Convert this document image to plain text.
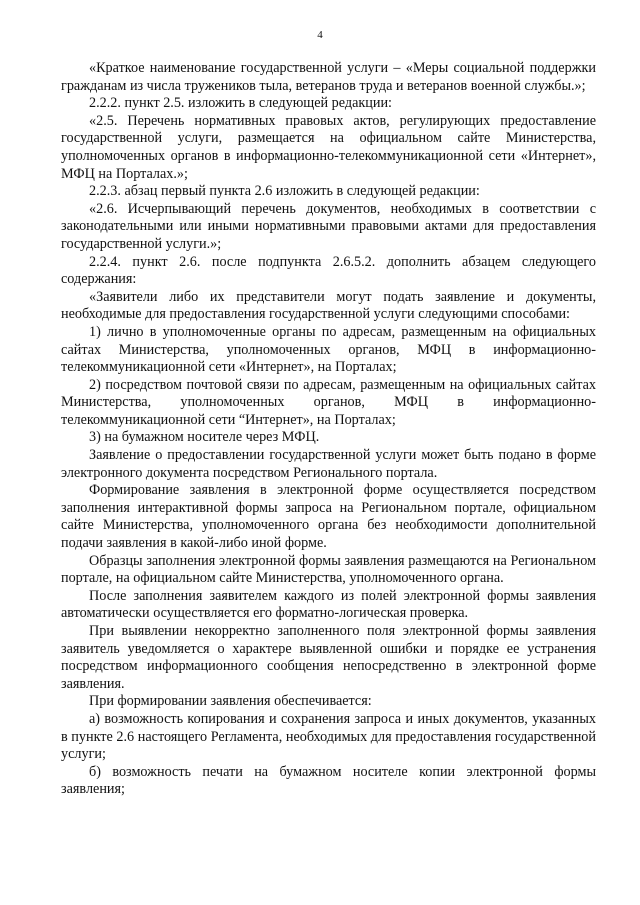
4

«Краткое наименование государственной услуги – «Меры социальной поддержки гражданам из числа тружеников тыла, ветеранов труда и ветеранов военной службы.»;

2.2.2. пункт 2.5. изложить в следующей редакции:

«2.5. Перечень нормативных правовых актов, регулирующих предоставление государственной услуги, размещается на официальном сайте Министерства, уполномоченных органов в информационно-телекоммуникационной сети «Интернет», МФЦ на Порталах.»;

2.2.3. абзац первый пункта 2.6 изложить в следующей редакции:

«2.6. Исчерпывающий перечень документов, необходимых в соответствии с законодательными или иными нормативными правовыми актами для предоставления государственной услуги.»;

2.2.4. пункт 2.6. после подпункта 2.6.5.2. дополнить абзацем следующего содержания:

«Заявители либо их представители могут подать заявление и документы, необходимые для предоставления государственной услуги следующими способами:

1) лично в уполномоченные органы по адресам, размещенным на официальных сайтах Министерства, уполномоченных органов, МФЦ в информационно-телекоммуникационной сети «Интернет», на Порталах;

2) посредством почтовой связи по адресам, размещенным на официальных сайтах Министерства, уполномоченных органов, МФЦ в информационно-телекоммуникационной сети “Интернет», на Порталах;

3) на бумажном носителе через МФЦ.

Заявление о предоставлении государственной услуги может быть подано в форме электронного документа посредством Регионального портала.

Формирование заявления в электронной форме осуществляется посредством заполнения интерактивной формы запроса на Региональном портале, официальном сайте Министерства, уполномоченного органа без необходимости дополнительной подачи заявления в какой-либо иной форме.

Образцы заполнения электронной формы заявления размещаются на Региональном портале, на официальном сайте Министерства, уполномоченного органа.

После заполнения заявителем каждого из полей электронной формы заявления автоматически осуществляется его форматно-логическая проверка.

При выявлении некорректно заполненного поля электронной формы заявления заявитель уведомляется о характере выявленной ошибки и порядке ее устранения посредством информационного сообщения непосредственно в электронной форме заявления.

При формировании заявления обеспечивается:

а) возможность копирования и сохранения запроса и иных документов, указанных в пункте 2.6 настоящего Регламента, необходимых для предоставления государственной услуги;

б) возможность печати на бумажном носителе копии электронной формы заявления;
